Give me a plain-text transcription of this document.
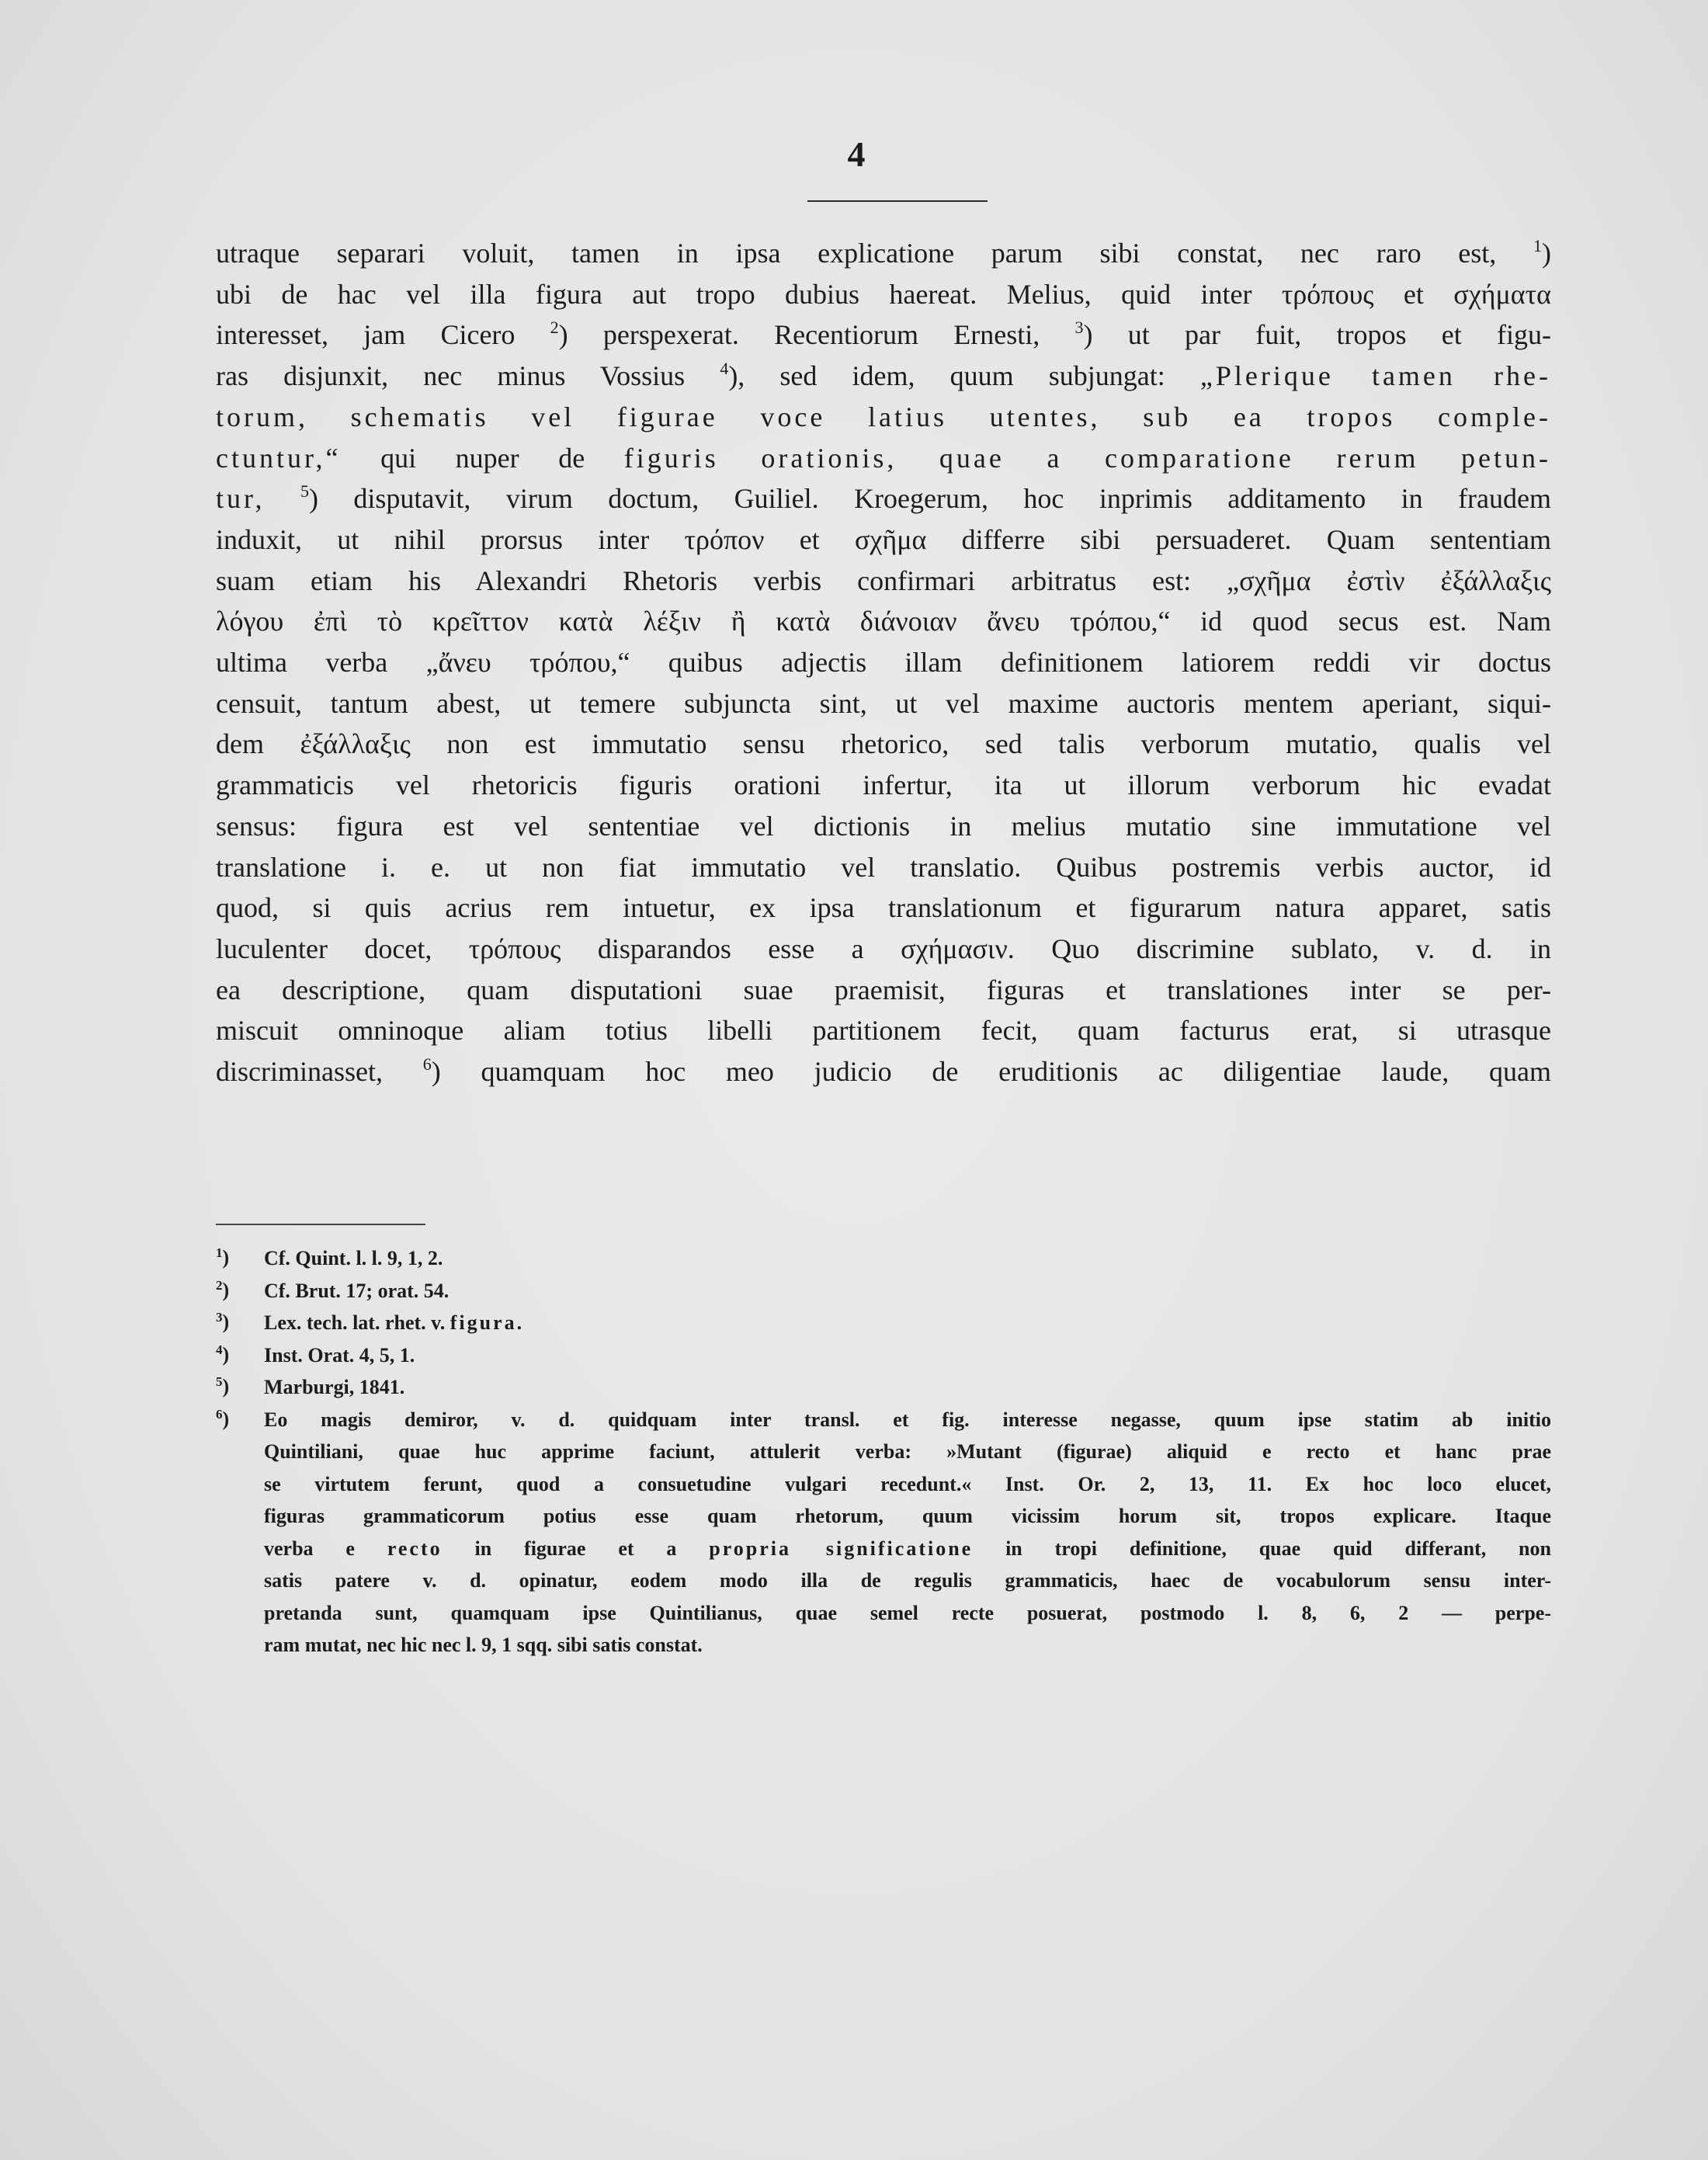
4
utraque separari voluit, tamen in ipsa explicatione parum sibi constat, nec raro est, $^1$)
ubi de hac vel illa figura aut tropo dubius haereat. Melius, quid inter τρόπους et σχήματα
interesset, jam Cicero $^2$) perspexerat. Recentiorum Ernesti, $^3$) ut par fuit, tropos et figu-
ras disjunxit, nec minus Vossius $^4$), sed idem, quum subjungat: „Plerique tamen rhe-
torum, schematis vel figurae voce latius utentes, sub ea tropos comple-
ctuntur,“ qui nuper de figuris orationis, quae a comparatione rerum petun-
tur, $^5$) disputavit, virum doctum, Guiliel. Kroegerum, hoc inprimis additamento in fraudem
induxit, ut nihil prorsus inter τρόπον et σχῆμα differre sibi persuaderet. Quam sententiam
suam etiam his Alexandri Rhetoris verbis confirmari arbitratus est: „σχῆμα ἐστὶν ἐξάλλαξις
λόγου ἐπὶ τὸ κρεῖττον κατὰ λέξιν ἢ κατὰ διάνοιαν ἄνευ τρόπου,“ id quod secus est. Nam
ultima verba „ἄνευ τρόπου,“ quibus adjectis illam definitionem latiorem reddi vir doctus
censuit, tantum abest, ut temere subjuncta sint, ut vel maxime auctoris mentem aperiant, siqui-
dem ἐξάλλαξις non est immutatio sensu rhetorico, sed talis verborum mutatio, qualis vel
grammaticis vel rhetoricis figuris orationi infertur, ita ut illorum verborum hic evadat
sensus: figura est vel sententiae vel dictionis in melius mutatio sine immutatione vel
translatione i. e. ut non fiat immutatio vel translatio. Quibus postremis verbis auctor, id
quod, si quis acrius rem intuetur, ex ipsa translationum et figurarum natura apparet, satis
luculenter docet, τρόπους disparandos esse a σχήμασιν. Quo discrimine sublato, v. d. in
ea descriptione, quam disputationi suae praemisit, figuras et translationes inter se per-
miscuit omninoque aliam totius libelli partitionem fecit, quam facturus erat, si utrasque
discriminasset, $^6$) quamquam hoc meo judicio de eruditionis ac diligentiae laude, quam
$^1$)	Cf. Quint. l. l. 9, 1, 2.
$^2$)	Cf. Brut. 17; orat. 54.
$^3$)	Lex. tech. lat. rhet. v. figura.
$^4$)	Inst. Orat. 4, 5, 1.
$^5$)	Marburgi, 1841.
$^6$)	Eo magis demiror, v. d. quidquam inter transl. et fig. interesse negasse, quum ipse statim ab initio
Quintiliani, quae huc apprime faciunt, attulerit verba: »Mutant (figurae) aliquid e recto et hanc prae
se virtutem ferunt, quod a consuetudine vulgari recedunt.« Inst. Or. 2, 13, 11. Ex hoc loco elucet,
figuras grammaticorum potius esse quam rhetorum, quum vicissim horum sit, tropos explicare. Itaque
verba e recto in figurae et a propria significatione in tropi definitione, quae quid differant, non
satis patere v. d. opinatur, eodem modo illa de regulis grammaticis, haec de vocabulorum sensu inter-
pretanda sunt, quamquam ipse Quintilianus, quae semel recte posuerat, postmodo l. 8, 6, 2 — perpe-
ram mutat, nec hic nec l. 9, 1 sqq. sibi satis constat.
